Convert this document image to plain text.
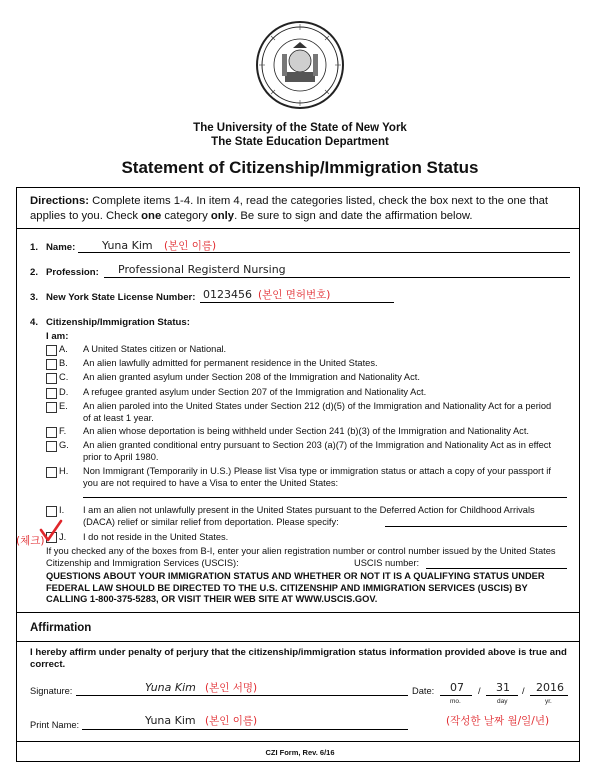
The University of the State of New York
The State Education Department
Statement of Citizenship/Immigration Status
Directions: Complete items 1-4. In item 4, read the categories listed, check the box next to the one that applies to you. Check one category only. Be sure to sign and date the affirmation below.
1. Name: Yuna Kim (본인 이름)
2. Profession: Professional Registerd Nursing
3. New York State License Number: 0123456 (본인 면허번호)
4. Citizenship/Immigration Status:
I am:
A. A United States citizen or National.
B. An alien lawfully admitted for permanent residence in the United States.
C. An alien granted asylum under Section 208 of the Immigration and Nationality Act.
D. A refugee granted asylum under Section 207 of the Immigration and Nationality Act.
E. An alien paroled into the United States under Section 212 (d)(5) of the Immigration and Nationality Act for a period of at least 1 year.
F. An alien whose deportation is being withheld under Section 241 (b)(3) of the Immigration and Nationality Act.
G. An alien granted conditional entry pursuant to Section 203 (a)(7) of the Immigration and Nationality Act as in effect prior to April 1980.
H. Non Immigrant (Temporarily in U.S.) Please list Visa type or immigration status or attach a copy of your passport if you are not required to have a Visa to enter the United States:
I. I am an alien not unlawfully present in the United States pursuant to the Deferred Action for Childhood Arrivals (DACA) relief or similar relief from deportation. Please specify:
(체크) J. I do not reside in the United States.
If you checked any of the boxes from B-I, enter your alien registration number or control number issued by the United States Citizenship and Immigration Services (USCIS):	USCIS number:
QUESTIONS ABOUT YOUR IMMIGRATION STATUS AND WHETHER OR NOT IT IS A QUALIFYING STATUS UNDER FEDERAL LAW SHOULD BE DIRECTED TO THE U.S. CITIZENSHIP AND IMMIGRATION SERVICES (USCIS) BY CALLING 1-800-375-5283, OR VISIT THEIR WEB SITE AT WWW.USCIS.GOV.
Affirmation
I hereby affirm under penalty of perjury that the citizenship/immigration status information provided above is true and correct.
Signature:	Yuna Kim (본인 서명)	Date: 07 / 31 / 2016
mo.	day	yr.
Print Name:	Yuna Kim (본인 이름)	(작성한 날짜 월/일/년)
CZI Form, Rev. 6/16
